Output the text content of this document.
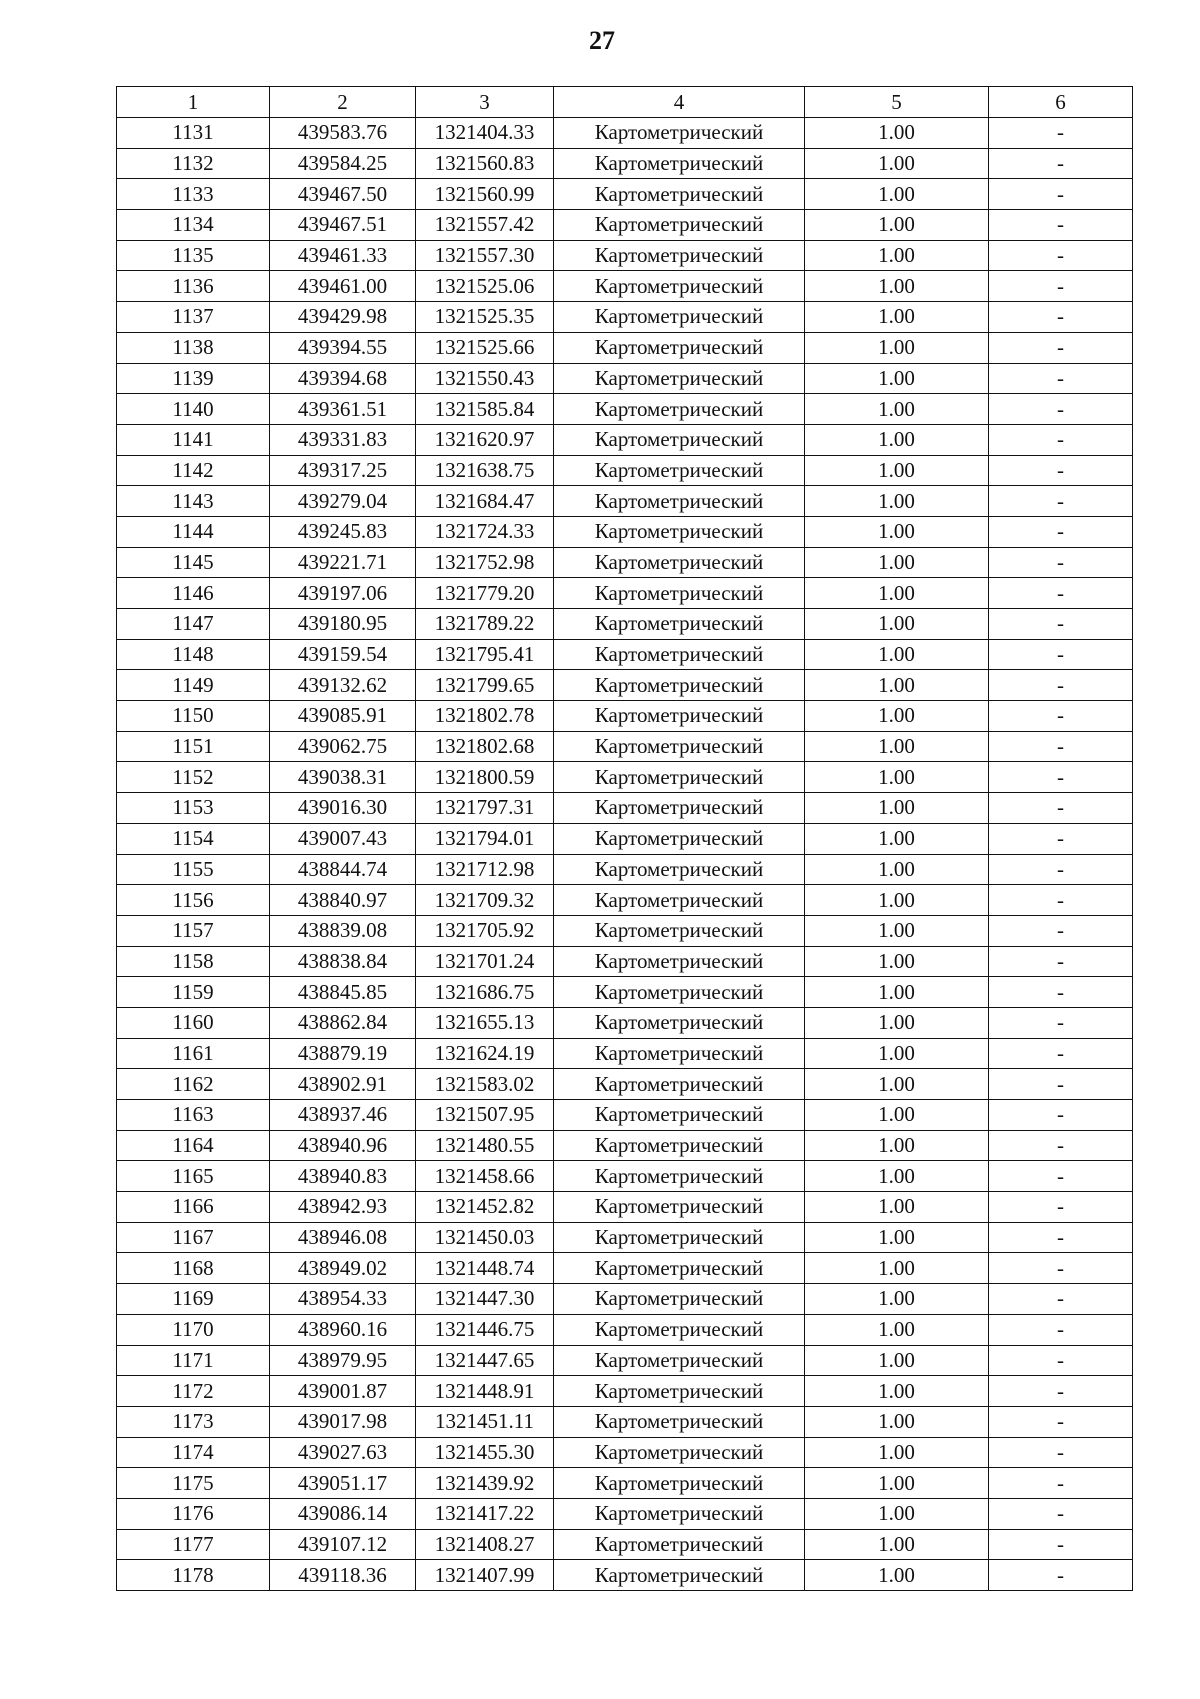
27
1	2	3	4	5	6
1131	439583.76	1321404.33	Картометрический	1.00	-
1132	439584.25	1321560.83	Картометрический	1.00	-
1133	439467.50	1321560.99	Картометрический	1.00	-
1134	439467.51	1321557.42	Картометрический	1.00	-
1135	439461.33	1321557.30	Картометрический	1.00	-
1136	439461.00	1321525.06	Картометрический	1.00	-
1137	439429.98	1321525.35	Картометрический	1.00	-
1138	439394.55	1321525.66	Картометрический	1.00	-
1139	439394.68	1321550.43	Картометрический	1.00	-
1140	439361.51	1321585.84	Картометрический	1.00	-
1141	439331.83	1321620.97	Картометрический	1.00	-
1142	439317.25	1321638.75	Картометрический	1.00	-
1143	439279.04	1321684.47	Картометрический	1.00	-
1144	439245.83	1321724.33	Картометрический	1.00	-
1145	439221.71	1321752.98	Картометрический	1.00	-
1146	439197.06	1321779.20	Картометрический	1.00	-
1147	439180.95	1321789.22	Картометрический	1.00	-
1148	439159.54	1321795.41	Картометрический	1.00	-
1149	439132.62	1321799.65	Картометрический	1.00	-
1150	439085.91	1321802.78	Картометрический	1.00	-
1151	439062.75	1321802.68	Картометрический	1.00	-
1152	439038.31	1321800.59	Картометрический	1.00	-
1153	439016.30	1321797.31	Картометрический	1.00	-
1154	439007.43	1321794.01	Картометрический	1.00	-
1155	438844.74	1321712.98	Картометрический	1.00	-
1156	438840.97	1321709.32	Картометрический	1.00	-
1157	438839.08	1321705.92	Картометрический	1.00	-
1158	438838.84	1321701.24	Картометрический	1.00	-
1159	438845.85	1321686.75	Картометрический	1.00	-
1160	438862.84	1321655.13	Картометрический	1.00	-
1161	438879.19	1321624.19	Картометрический	1.00	-
1162	438902.91	1321583.02	Картометрический	1.00	-
1163	438937.46	1321507.95	Картометрический	1.00	-
1164	438940.96	1321480.55	Картометрический	1.00	-
1165	438940.83	1321458.66	Картометрический	1.00	-
1166	438942.93	1321452.82	Картометрический	1.00	-
1167	438946.08	1321450.03	Картометрический	1.00	-
1168	438949.02	1321448.74	Картометрический	1.00	-
1169	438954.33	1321447.30	Картометрический	1.00	-
1170	438960.16	1321446.75	Картометрический	1.00	-
1171	438979.95	1321447.65	Картометрический	1.00	-
1172	439001.87	1321448.91	Картометрический	1.00	-
1173	439017.98	1321451.11	Картометрический	1.00	-
1174	439027.63	1321455.30	Картометрический	1.00	-
1175	439051.17	1321439.92	Картометрический	1.00	-
1176	439086.14	1321417.22	Картометрический	1.00	-
1177	439107.12	1321408.27	Картометрический	1.00	-
1178	439118.36	1321407.99	Картометрический	1.00	-
